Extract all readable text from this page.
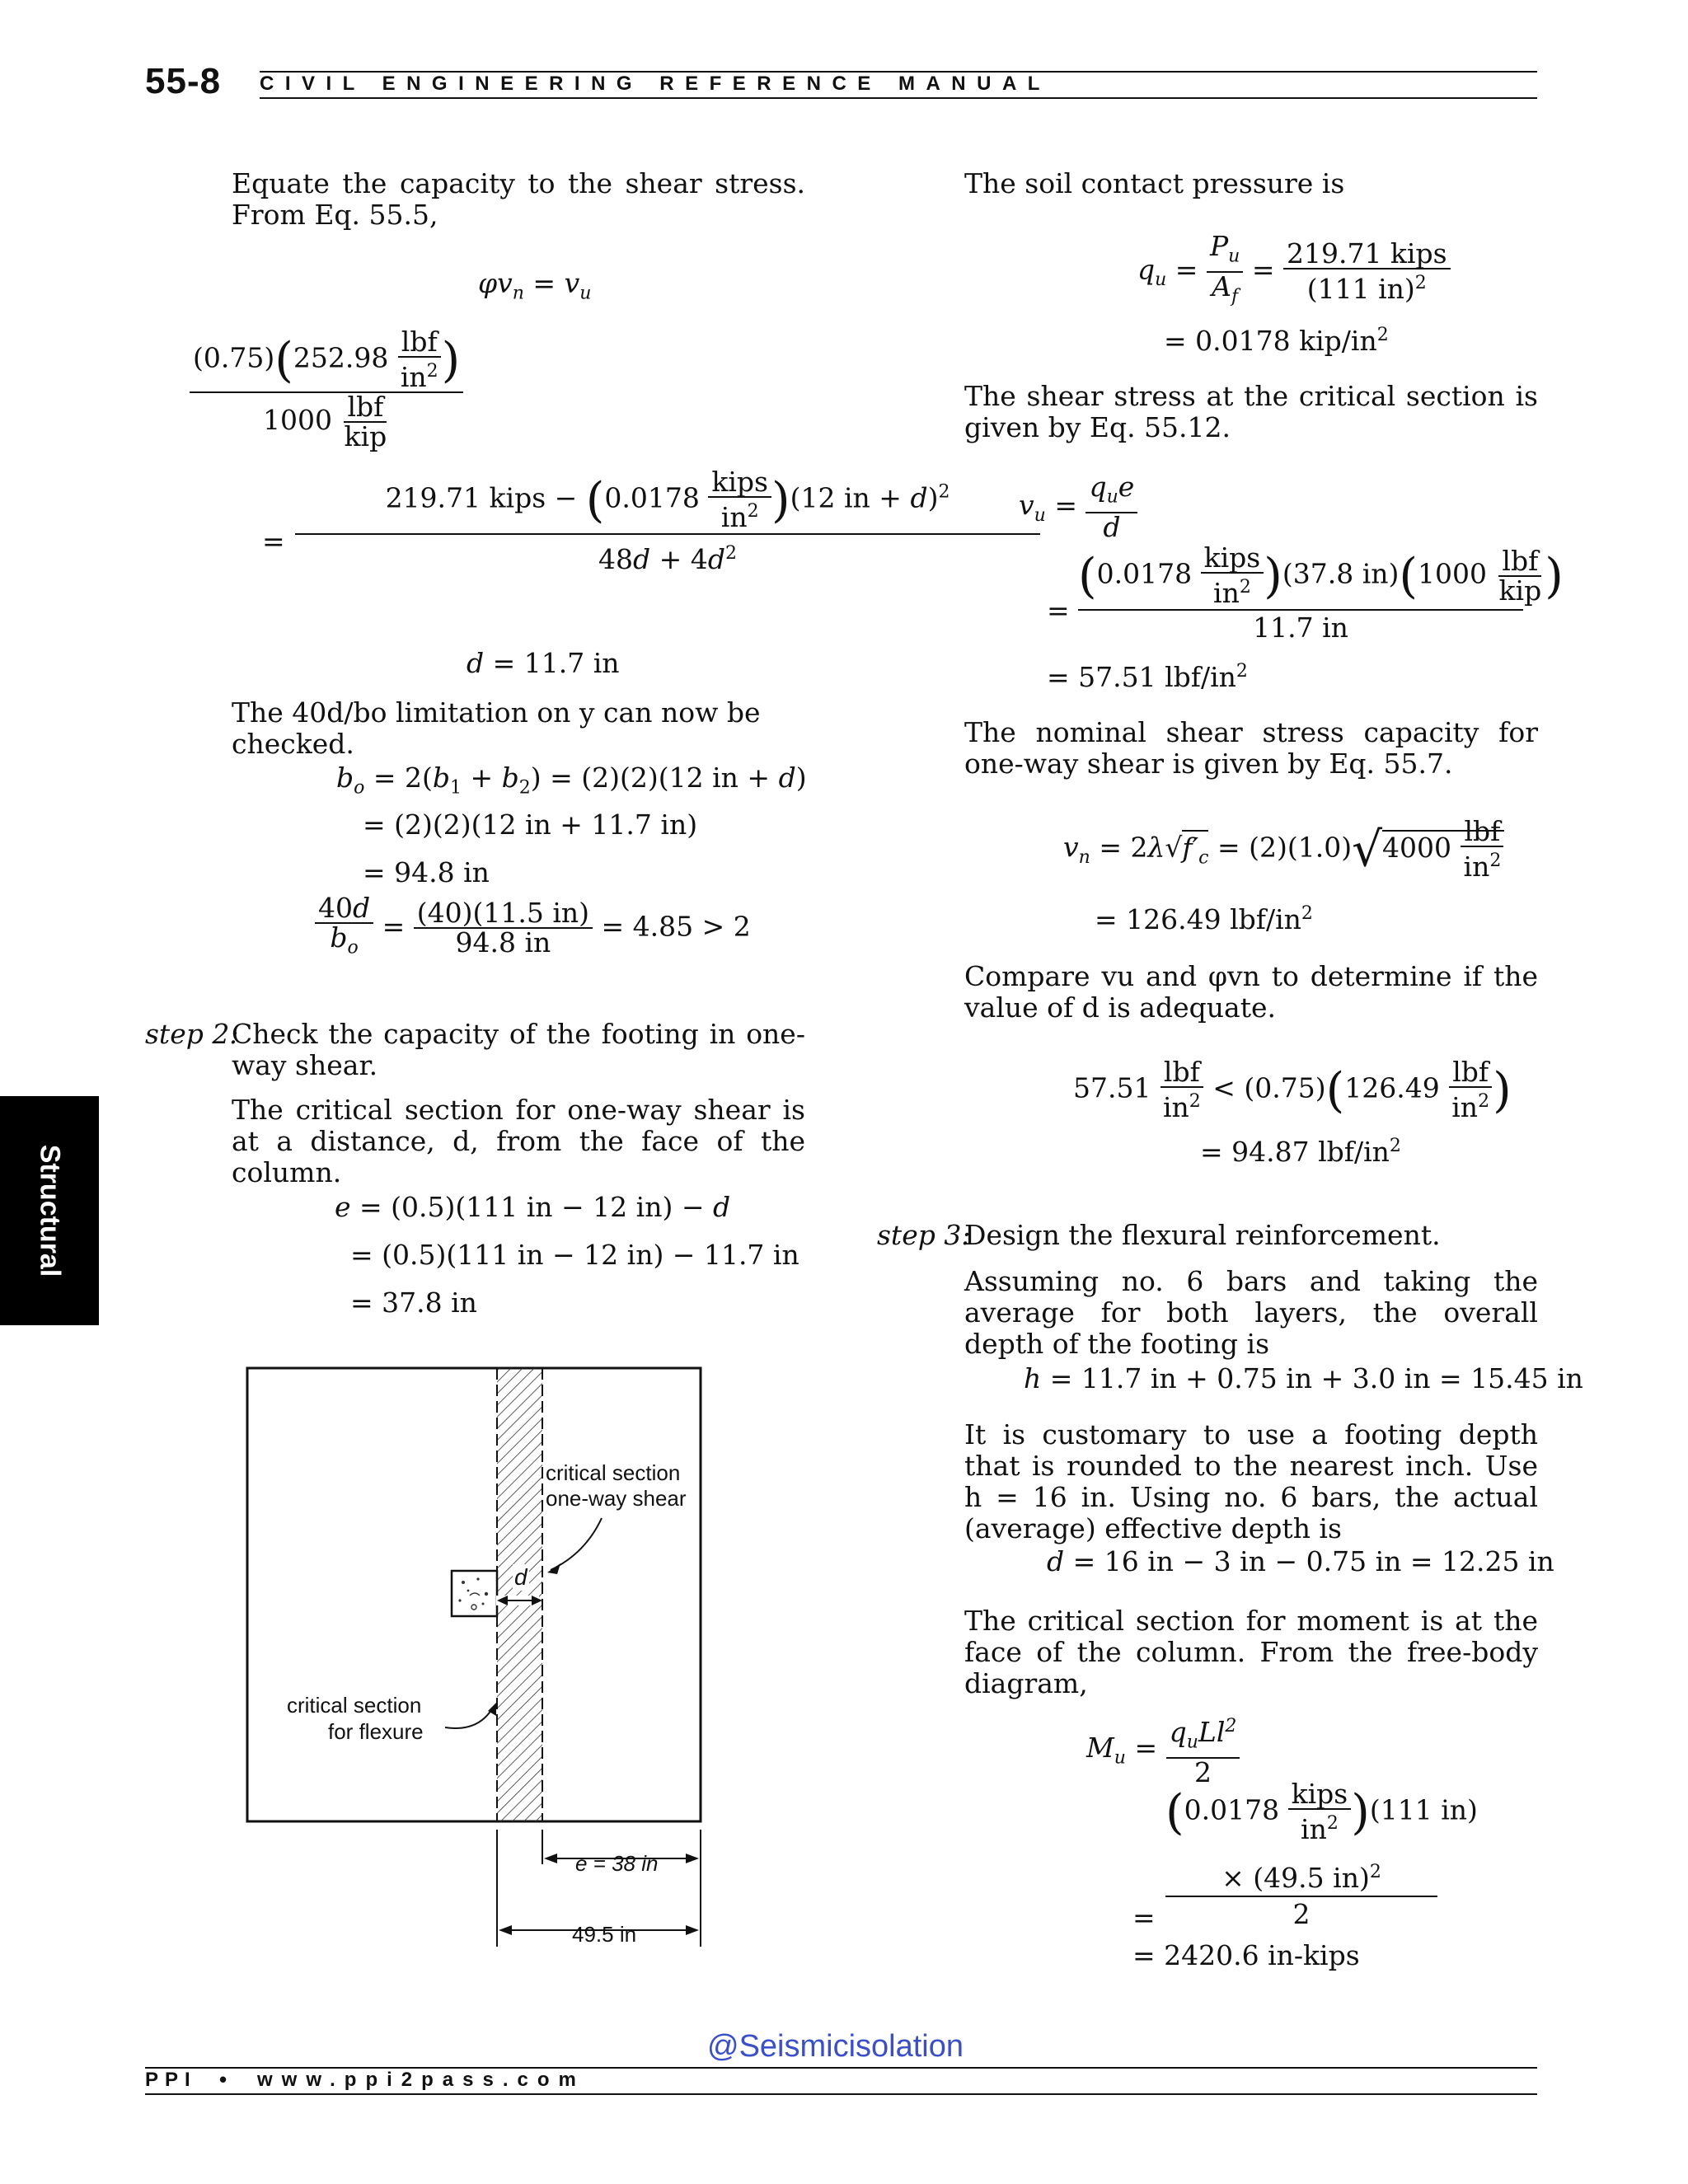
55-8 CIVIL ENGINEERING REFERENCE MANUAL
Structural
Equate the capacity to the shear stress. From Eq. 55.5,
$\varphi v_n = v_u$
$(0.75)(252.98 \frac{\text{lbf}}{in^2}$ )
$1000 \frac{\text{lbf}}{\text{kip}}$
=
219.71 kips − $(0.0178 \frac{\text{kips}}{in^2} )(12$ in + d)$^2$
$48d + 4d^2$
d = 11.7 in
The 40d/bo limitation on y can now be checked.
$b_o = 2(b_1 + b_2) = (2)(2)(12$ in + d)
= (2)(2)(12 in + 11.7 in)
= 94.8 in
$\frac{40d}{b_o} = \frac{(40)(11.5 in)}{94.8 in} = 4.85 > 2$
step 2:
Check the capacity of the footing in one-way shear.
The critical section for one-way shear is at a distance, d, from the face of the column.
e = (0.5)(111 in − 12 in) − d
= (0.5)(111 in − 12 in) − 11.7 in
= 37.8 in
critical section
one-way shear
d
critical section
for flexure
e = 38 in
49.5 in
The soil contact pressure is
$q_u = \frac{P_u}{A_f} = \frac{\text{219.71 kips}}{(111 in)^2}$
= 0.0178 kip/$in^2$
The shear stress at the critical section is given by Eq. 55.12.
$v_u = \frac{q_ue}{d}$
=
$(0.0178 \frac{\text{kips}}{in^2} )(37.8$ $in)(1000 \frac{\text{lbf}}{\text{kip}}$ )
11.7 in
= 57.51 lbf/$in^2$
The nominal shear stress capacity for one-way shear is given by Eq. 55.7.
$v_n = 2\lambda√f'_c = (2)(1.0)√4000 \frac{\text{lbf}}{in^2}$
= 126.49 lbf/$in^2$
Compare vu and φvn to determine if the value of d is adequate.
$57.51 \frac{\text{lbf}}{in^2} < (0.75)(126.49 \frac{\text{lbf}}{in^2}$ )
= 94.87 lbf/$in^2$
step 3:
Design the flexural reinforcement.
Assuming no. 6 bars and taking the average for both layers, the overall depth of the footing is
h = 11.7 in + 0.75 in + 3.0 in = 15.45 in
It is customary to use a footing depth that is rounded to the nearest inch. Use h = 16 in. Using no. 6 bars, the actual (average) effective depth is
d = 16 in − 3 in − 0.75 in = 12.25 in
The critical section for moment is at the face of the column. From the free-body diagram,
$M_u = \frac{q_uLl^2}{2}$
=
$(0.0178 \frac{\text{kips}}{in^2} )(111$ in)
× (49.5 in)$^2$
2
= 2420.6 in-kips
@Seismicisolation
PPI • www.ppi2pass.com
